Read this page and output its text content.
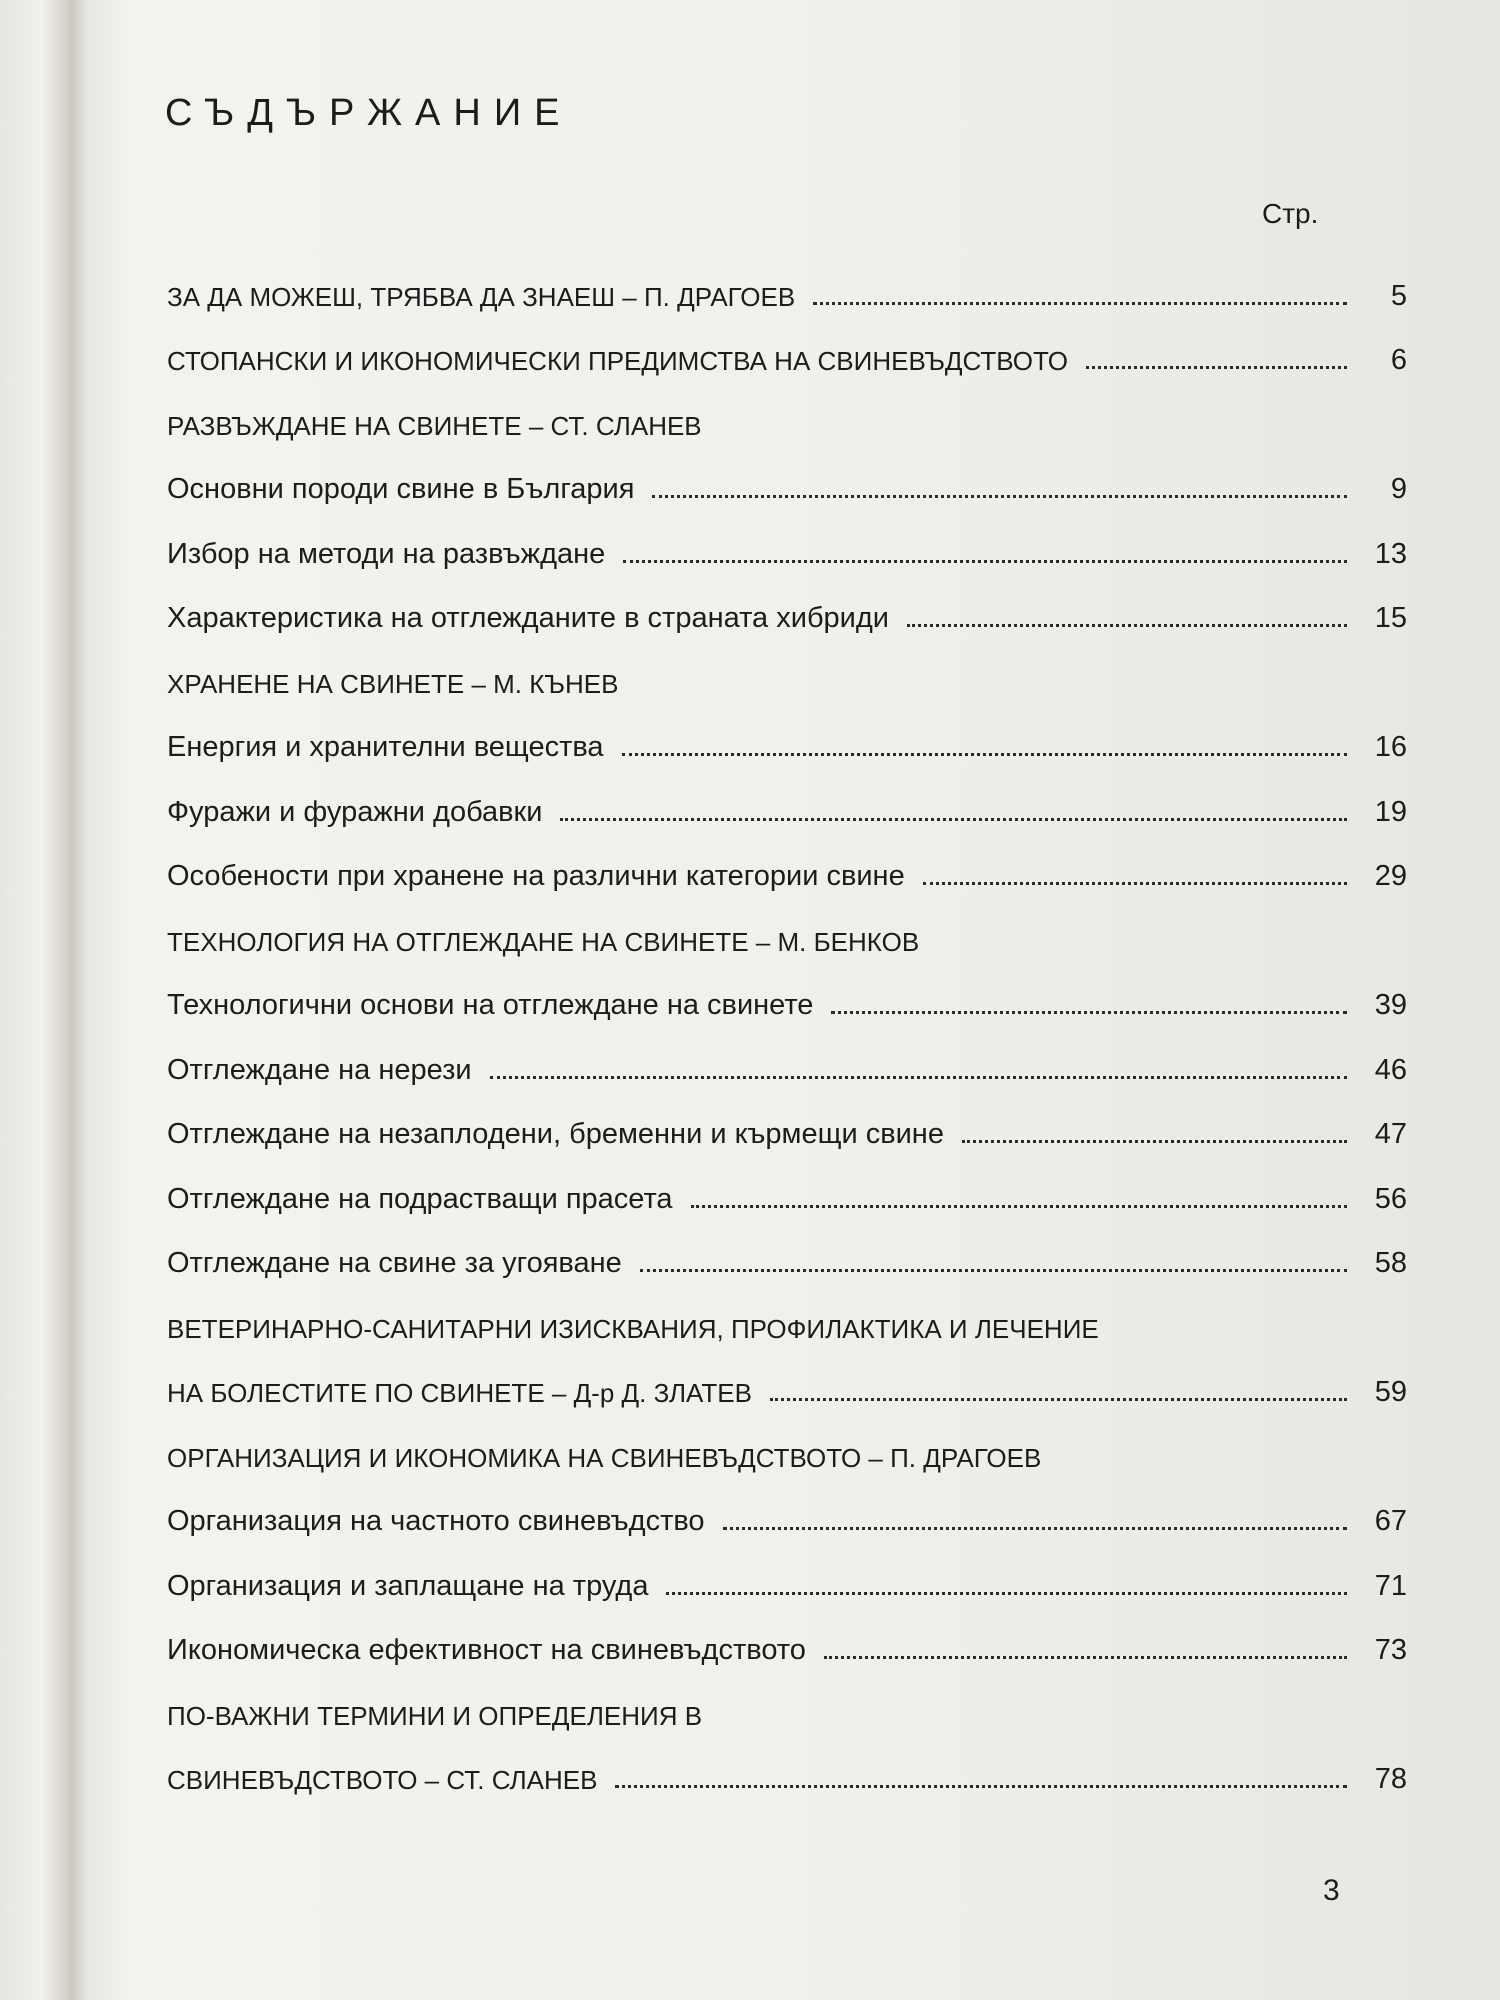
СЪДЪРЖАНИЕ
Стр.
ЗА ДА МОЖЕШ, ТРЯБВА ДА ЗНАЕШ – П. ДРАГОЕВ	5
СТОПАНСКИ И ИКОНОМИЧЕСКИ ПРЕДИМСТВА НА СВИНЕВЪДСТВОТО	6
РАЗВЪЖДАНЕ НА СВИНЕТЕ – СТ. СЛАНЕВ
Основни породи свине в България	9
Избор на методи на развъждане	13
Характеристика на отглежданите в страната хибриди	15
ХРАНЕНЕ НА СВИНЕТЕ – М. КЪНЕВ
Енергия и хранителни вещества	16
Фуражи и фуражни добавки	19
Особености при хранене на различни категории свине	29
ТЕХНОЛОГИЯ НА ОТГЛЕЖДАНЕ НА СВИНЕТЕ – М. БЕНКОВ
Технологични основи на отглеждане на свинете	39
Отглеждане на нерези	46
Отглеждане на незаплодени, бременни и кърмещи свине	47
Отглеждане на подрастващи прасета	56
Отглеждане на свине за угояване	58
ВЕТЕРИНАРНО-САНИТАРНИ ИЗИСКВАНИЯ, ПРОФИЛАКТИКА И ЛЕЧЕНИЕ
НА БОЛЕСТИТЕ ПО СВИНЕТЕ – Д-р Д. ЗЛАТЕВ	59
ОРГАНИЗАЦИЯ И ИКОНОМИКА НА СВИНЕВЪДСТВОТО – П. ДРАГОЕВ
Организация на частното свиневъдство	67
Организация и заплащане на труда	71
Икономическа ефективност на свиневъдството	73
ПО-ВАЖНИ ТЕРМИНИ И ОПРЕДЕЛЕНИЯ В
СВИНЕВЪДСТВОТО – СТ. СЛАНЕВ	78
3
